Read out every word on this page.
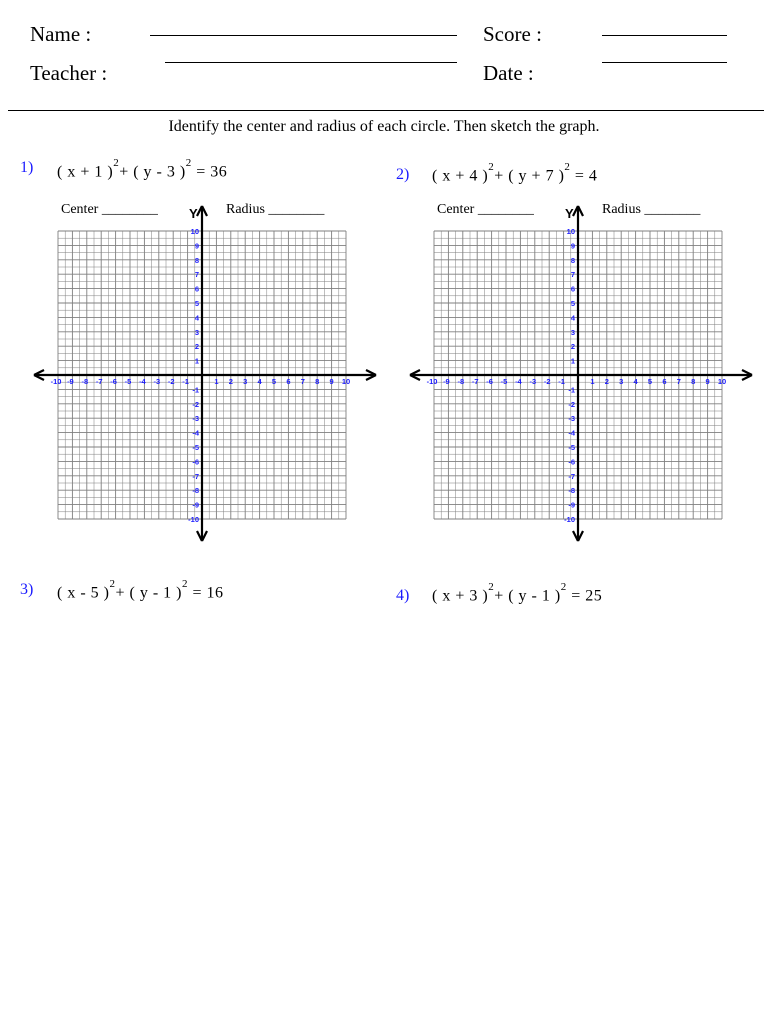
Name :
Teacher :
Score :
Date :
Identify the center and radius of each circle. Then sketch the graph.
1) ( x + 1 )$^2$+ ( y - 3 )$^2$ = 36	2) ( x + 4 )$^2$+ ( y + 7 )$^2$ = 4
Center ________	Radius ________	Center ________	Radius ________
Y
-10 -9 -8 -7 -6 -5 -4 -3 -2 -1	1 2 3 4 5 6 7 8 9 10
10
9
8
7
6
5
4
3
2
1
-1
-2
-3
-4
-5
-6
-7
-8
-9
-10
Y
-10 -9 -8 -7 -6 -5 -4 -3 -2 -1	1 2 3 4 5 6 7 8 9 10
10
9
8
7
6
5
4
3
2
1
-1
-2
-3
-4
-5
-6
-7
-8
-9
-10
3) ( x - 5 )$^2$+ ( y - 1 )$^2$ = 16	4) ( x + 3 )$^2$+ ( y - 1 )$^2$ = 25
